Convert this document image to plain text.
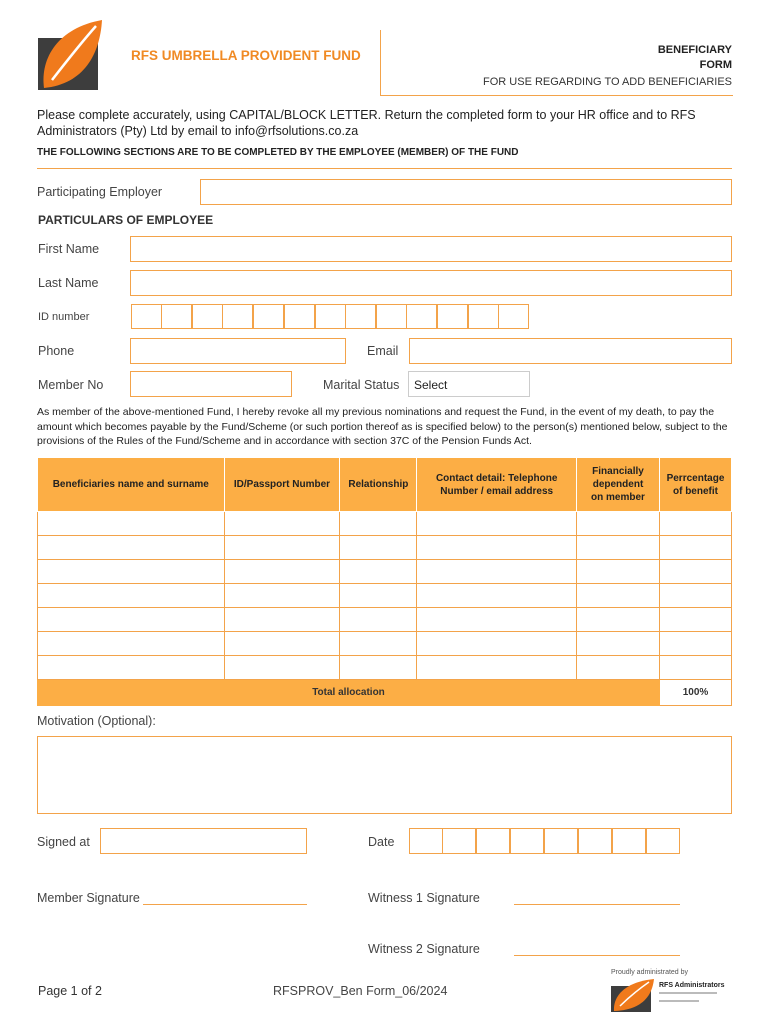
RFS UMBRELLA PROVIDENT FUND	BENEFICIARY
FORM
FOR USE REGARDING TO ADD BENEFICIARIES
Please complete accurately, using CAPITAL/BLOCK LETTER. Return the completed form to your HR office and to RFS Administrators (Pty) Ltd by email to info@rfsolutions.co.za
THE FOLLOWING SECTIONS ARE TO BE COMPLETED BY THE EMPLOYEE (MEMBER) OF THE FUND
Participating Employer
PARTICULARS OF EMPLOYEE
First Name
Last Name
ID number
Phone	Email
Member No	Marital Status Select
As member of the above-mentioned Fund, I hereby revoke all my previous nominations and request the Fund, in the event of my death, to pay the amount which becomes payable by the Fund/Scheme (or such portion thereof as is specified below) to the person(s) mentioned below, subject to the provisions of the Rules of the Fund/Scheme and in accordance with section 37C of the Pension Funds Act.
Beneficiaries name and surname	ID/Passport Number	Relationship	Contact detail: Telephone Number / email address	Financially dependent on member	Perrcentage of benefit

Total allocation					100%
Motivation (Optional):
Signed at	Date
Member Signature	Witness 1 Signature
Witness 2 Signature
Page 1 of 2	RFSPROV_Ben Form_06/2024
Proudly administrated by
RFS Administrators
